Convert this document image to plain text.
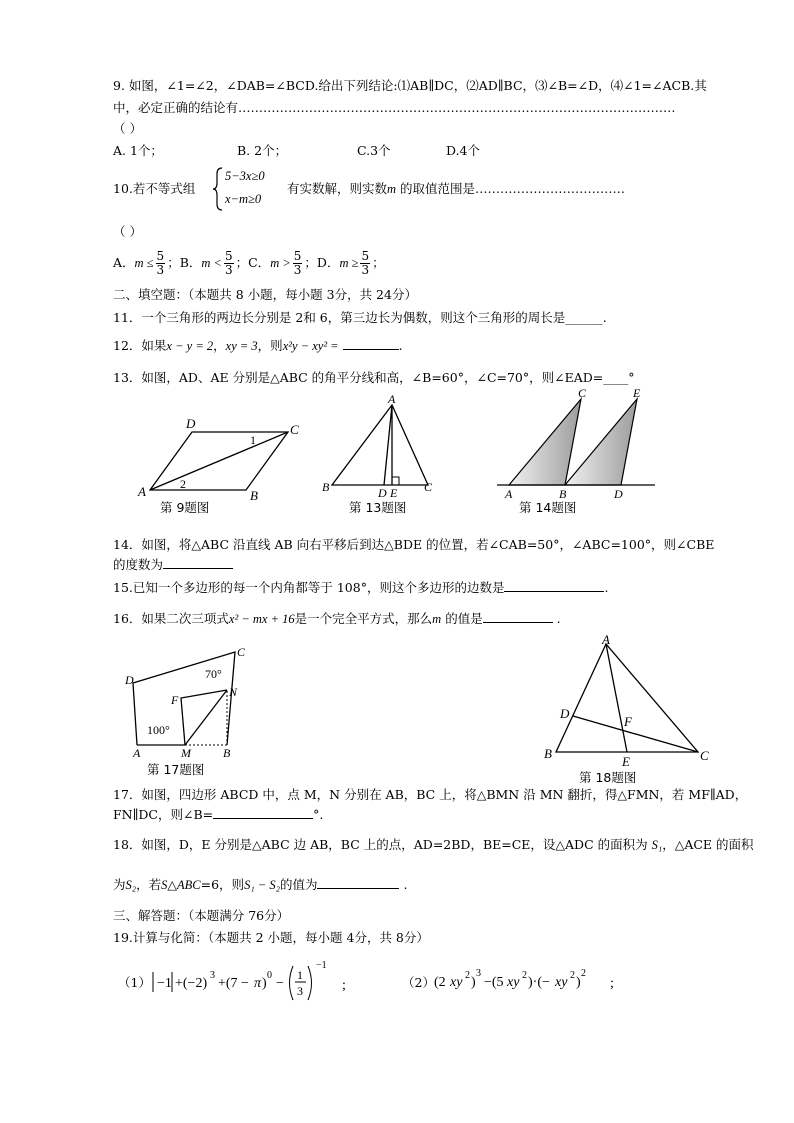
9. 如图，∠1=∠2，∠DAB=∠BCD.给出下列结论:⑴AB∥DC，⑵AD∥BC，⑶∠B=∠D，⑷∠1=∠ACB.其
中，必定正确的结论有……………………………………………………………………………………………
（ ）
A. 1个；	B. 2个；	C.3个	D.4个
10.若不等式组
5−3x≥0
x−m≥0
有实数解，则实数m 的取值范围是………………………………
（ ）
A．$m \le \frac{5}{3}$ ；B．$m < \frac{5}{3}$ ；C．$m > \frac{5}{3}$ ；D．$m \ge \frac{5}{3}$ ；
二、填空题：（本题共 8 小题，每小题 3分，共 24分）
11．一个三角形的两边长分别是 2和 6，第三边长为偶数，则这个三角形的周长是______.
12．如果x − y = 2，xy = 3，则x²y − xy² =	.
13．如图，AD、AE 分别是△ABC 的角平分线和高，∠B=60°，∠C=70°，则∠EAD=____°
D	C
A	B
1
2
第 9题图
A
B	D E C
第 13题图
C	E
A	B	D
第 14题图
14．如图，将△ABC 沿直线 AB 向右平移后到达△BDE 的位置，若∠CAB=50°，∠ABC=100°，则∠CBE
的度数为
15.已知一个多边形的每一个内角都等于 108°，则这个多边形的边数是	.
16．如果二次三项式x² − mx + 16是一个完全平方式，那么m 的值是	.
C
D
F
N
A	M	B
70°
100°
第 17题图
A
D
F
B
E	C
第 18题图
17．如图，四边形 ABCD 中，点 M，N 分别在 AB，BC 上，将△BMN 沿 MN 翻折，得△FMN，若 MF∥AD，
FN∥DC，则∠B=	°.
18．如图，D，E 分别是△ABC 边 AB，BC 上的点，AD=2BD，BE=CE，设△ADC 的面积为 S₁，△ACE 的面积
为S₂，若S△ABC=6，则S₁ − S₂的值为	.
三、解答题：（本题满分 76分）
19.计算与化简：（本题共 2 小题，每小题 4分，共 8分）
（1） −1 +(−2)
3
+(7 − π )
0
−
1
3
−1
;	（2） (2 xy 2 )
3
−(5 xy 2 )·(− xy 2 )
2
;
